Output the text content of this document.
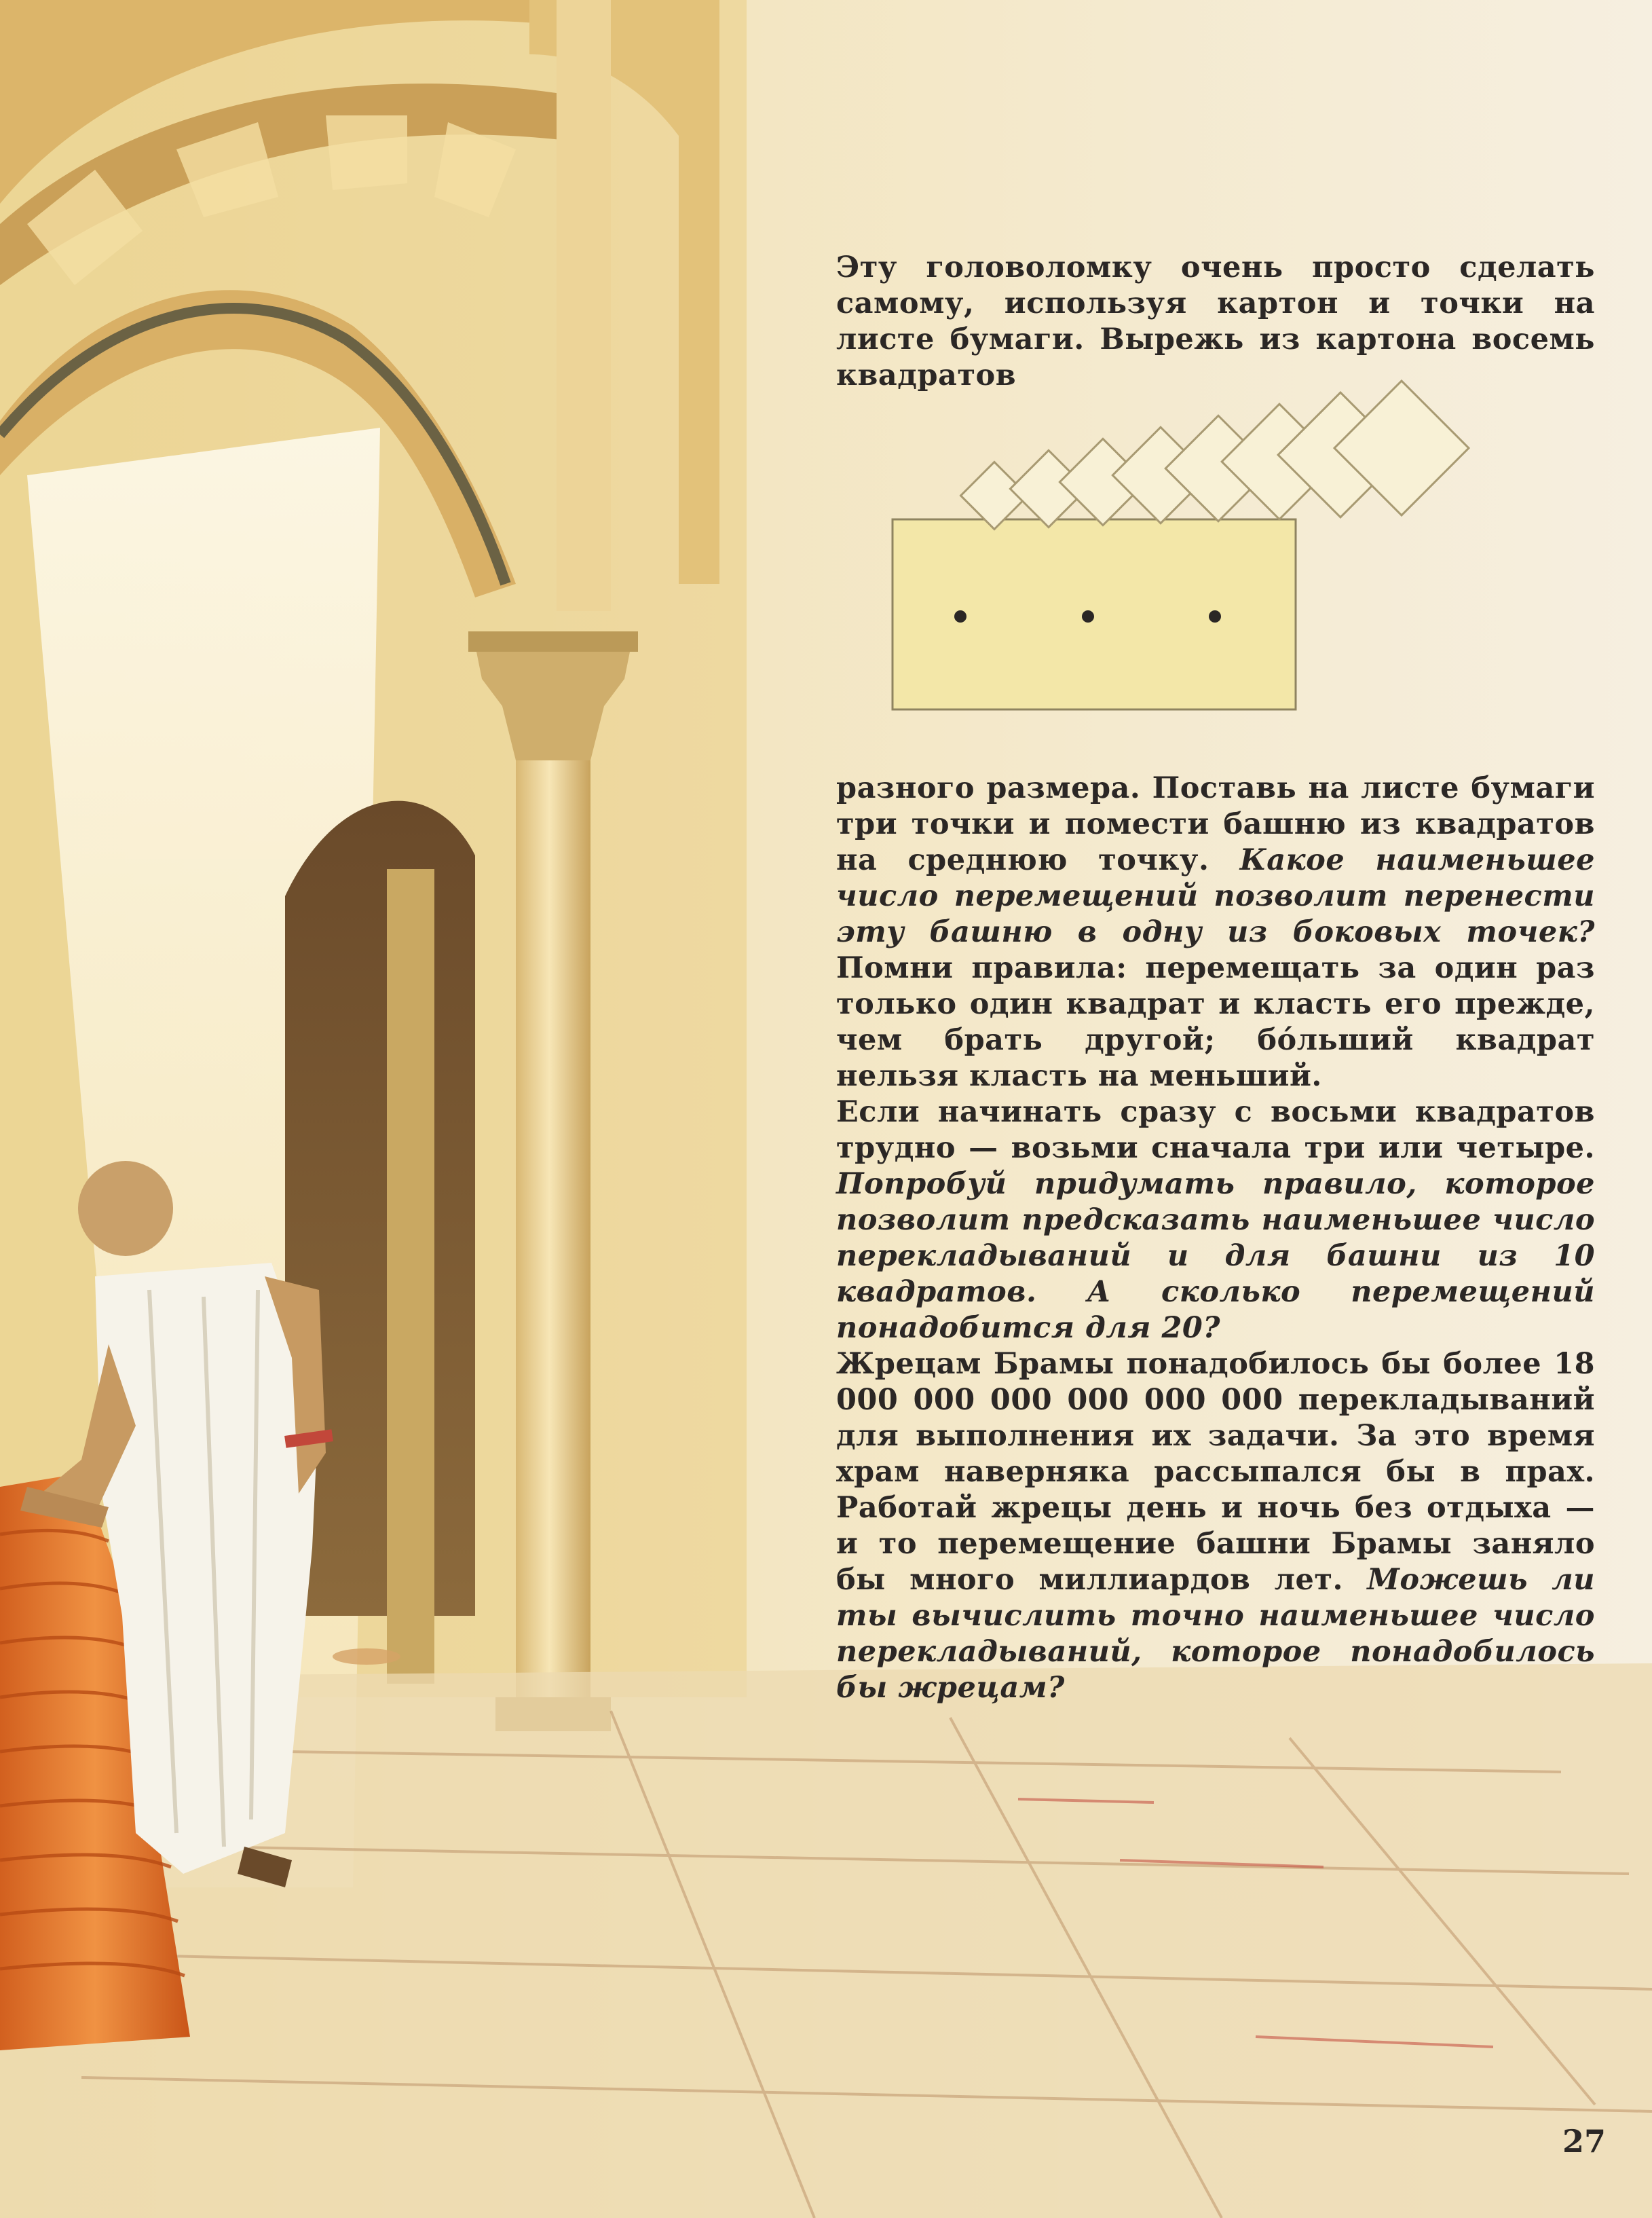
Эту головоломку очень просто сделать самому, используя картон и точки на листе бумаги. Вырежь из картона восемь квадратов

разного размера. Поставь на листе бумаги три точки и помести башню из квадратов на среднюю точку. Какое наименьшее число перемещений позволит перенести эту башню в одну из боковых точек? Помни правила: перемещать за один раз только один квадрат и класть его прежде, чем брать другой; бóльший квадрат нельзя класть на меньший.

Если начинать сразу с восьми квадратов трудно — возьми сначала три или четыре. Попробуй придумать правило, которое позволит предсказать наименьшее число перекладываний и для башни из 10 квадратов. А сколько перемещений понадобится для 20?

Жрецам Брамы понадобилось бы более 18 000 000 000 000 000 000 перекладываний для выполнения их задачи. За это время храм наверняка рассыпался бы в прах. Работай жрецы день и ночь без отдыха — и то перемещение башни Брамы заняло бы много миллиардов лет. Можешь ли ты вычислить точно наименьшее число перекладываний, которое понадобилось бы жрецам?

27
